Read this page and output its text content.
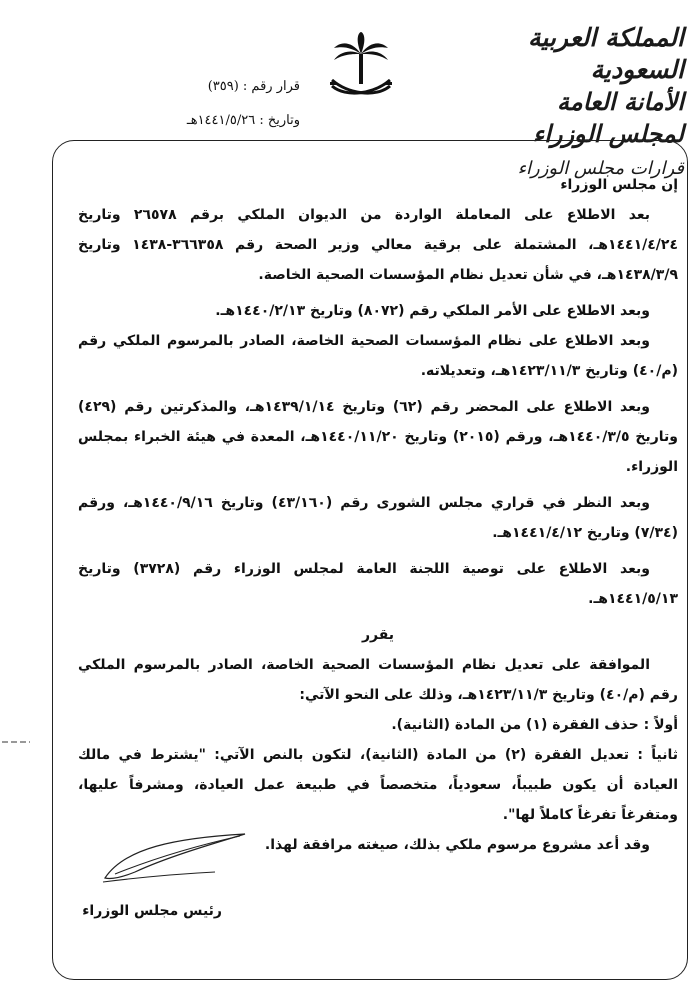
المملكة العربية السعودية
الأمانة العامة لمجلس الوزراء
قرارات مجلس الوزراء
قرار رقم : (٣٥٩)
وتاريخ : ١٤٤١/٥/٢٦هـ

إن مجلس الوزراء

بعد الاطلاع على المعاملة الواردة من الديوان الملكي برقم ٢٦٥٧٨ وتاريخ ١٤٤١/٤/٢٤هـ، المشتملة على برقية معالي وزير الصحة رقم ٣٦٦٣٥٨-١٤٣٨ وتاريخ ١٤٣٨/٣/٩هـ، في شأن تعديل نظام المؤسسات الصحية الخاصة.

وبعد الاطلاع على الأمر الملكي رقم (٨٠٧٢) وتاريخ ١٤٤٠/٢/١٣هـ.

وبعد الاطلاع على نظام المؤسسات الصحية الخاصة، الصادر بالمرسوم الملكي رقم (م/٤٠) وتاريخ ١٤٢٣/١١/٣هـ، وتعديلاته.

وبعد الاطلاع على المحضر رقم (٦٢) وتاريخ ١٤٣٩/١/١٤هـ، والمذكرتين رقم (٤٢٩) وتاريخ ١٤٤٠/٣/٥هـ، ورقم (٢٠١٥) وتاريخ ١٤٤٠/١١/٢٠هـ، المعدة في هيئة الخبراء بمجلس الوزراء.

وبعد النظر في قراري مجلس الشورى رقم (٤٣/١٦٠) وتاريخ ١٤٤٠/٩/١٦هـ، ورقم (٧/٣٤) وتاريخ ١٤٤١/٤/١٢هـ.

وبعد الاطلاع على توصية اللجنة العامة لمجلس الوزراء رقم (٣٧٢٨) وتاريخ ١٤٤١/٥/١٣هـ.

يقرر

الموافقة على تعديل نظام المؤسسات الصحية الخاصة، الصادر بالمرسوم الملكي رقم (م/٤٠) وتاريخ ١٤٢٣/١١/٣هـ، وذلك على النحو الآتي:

أولاً : حذف الفقرة (١) من المادة (الثانية).

ثانياً : تعديل الفقرة (٢) من المادة (الثانية)، لتكون بالنص الآتي: "يشترط في مالك العيادة أن يكون طبيباً، سعودياً، متخصصاً في طبيعة عمل العيادة، ومشرفاً عليها، ومتفرغاً تفرغاً كاملاً لها".

وقد أعد مشروع مرسوم ملكي بذلك، صيغته مرافقة لهذا.

رئيس مجلس الوزراء
